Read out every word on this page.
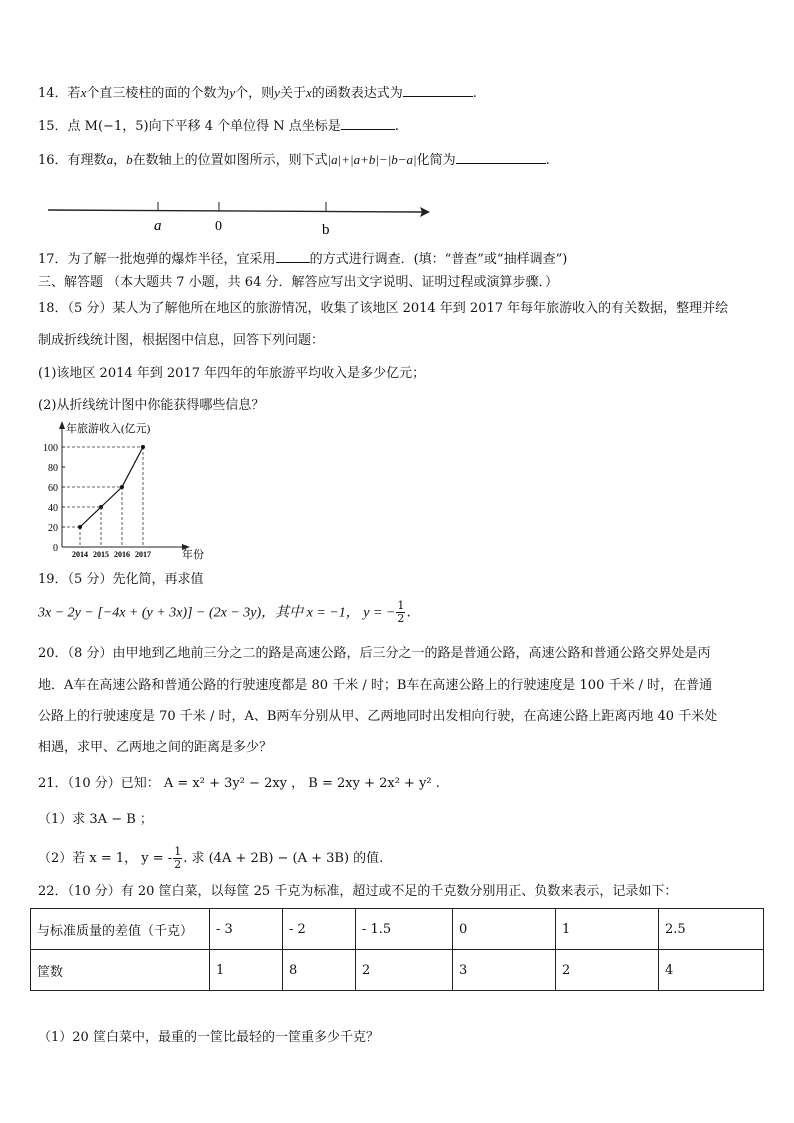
14．若x个直三棱柱的面的个数为y个，则y关于x的函数表达式为	.
15．点 M(−1，5)向下平移 4 个单位得 N 点坐标是	.
16．有理数a，b在数轴上的位置如图所示，则下式|a|+|a+b|−|b−a|化简为	.
a	0	b
17．为了解一批炮弹的爆炸半径，宜采用	的方式进行调查．(填：“普查”或“抽样调查”)
三、解答题 （本大题共 7 小题，共 64 分．解答应写出文字说明、证明过程或演算步骤．）
18．（5 分）某人为了解他所在地区的旅游情况，收集了该地区 2014 年到 2017 年每年旅游收入的有关数据，整理并绘
制成折线统计图，根据图中信息，回答下列问题：
(1)该地区 2014 年到 2017 年四年的年旅游平均收入是多少亿元；
(2)从折线统计图中你能获得哪些信息？
年旅游收入(亿元)
年份
0
20
40
60
80
100
2014 2015 2016 2017
19．（5 分）先化简，再求值
3x − 2y − [−4x + (y + 3x)] − (2x − 3y)，其中 x = −1， y = − $\frac{1}{2}$ .
20．（8 分）由甲地到乙地前三分之二的路是高速公路，后三分之一的路是普通公路，高速公路和普通公路交界处是丙
地．A车在高速公路和普通公路的行驶速度都是 80 千米 / 时；B车在高速公路上的行驶速度是 100 千米 / 时，在普通
公路上的行驶速度是 70 千米 / 时，A、B两车分别从甲、乙两地同时出发相向行驶，在高速公路上距离丙地 40 千米处
相遇，求甲、乙两地之间的距离是多少？
21．（10 分）已知： A = x² + 3y² − 2xy ， B = 2xy + 2x² + y² .
（1）求 3A − B ；
（2）若 x = 1， y = - $\frac{1}{2}$ . 求 (4A + 2B) − (A + 3B) 的值.
22．（10 分）有 20 筐白菜，以每筐 25 千克为标准，超过或不足的千克数分别用正、负数来表示，记录如下：
与标准质量的差值（千克）	- 3	- 2	- 1.5	0	1	2.5
筐数	1	8	2	3	2	4
（1）20 筐白菜中，最重的一筐比最轻的一筐重多少千克？
